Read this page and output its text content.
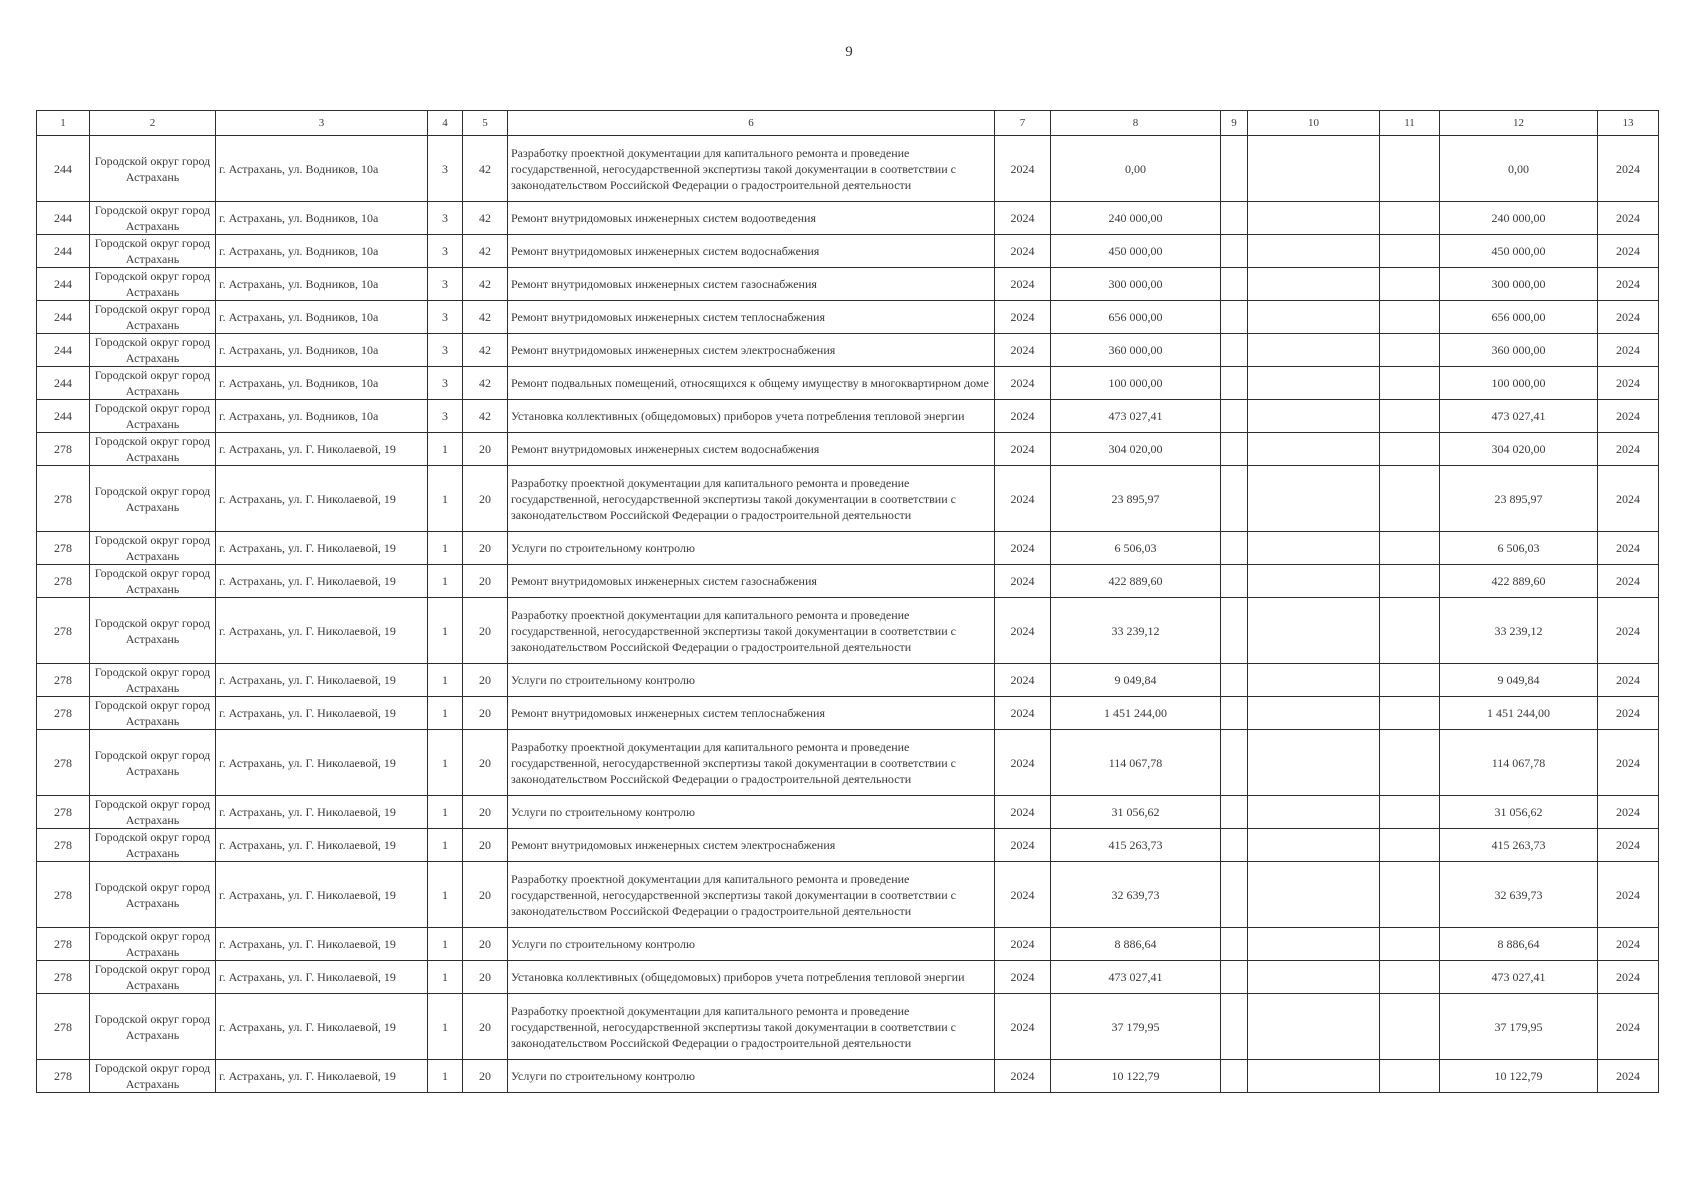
9
1	2	3	4	5	6	7	8	9	10	11	12	13
244	Городской округ город Астрахань	г. Астрахань, ул. Водников, 10а	3	42	Разработку проектной документации для капитального ремонта и проведение государственной, негосударственной экспертизы такой документации в соответствии с законодательством Российской Федерации о градостроительной деятельности	2024	0,00				0,00	2024
244	Городской округ город Астрахань	г. Астрахань, ул. Водников, 10а	3	42	Ремонт внутридомовых инженерных систем водоотведения	2024	240 000,00				240 000,00	2024
244	Городской округ город Астрахань	г. Астрахань, ул. Водников, 10а	3	42	Ремонт внутридомовых инженерных систем водоснабжения	2024	450 000,00				450 000,00	2024
244	Городской округ город Астрахань	г. Астрахань, ул. Водников, 10а	3	42	Ремонт внутридомовых инженерных систем газоснабжения	2024	300 000,00				300 000,00	2024
244	Городской округ город Астрахань	г. Астрахань, ул. Водников, 10а	3	42	Ремонт внутридомовых инженерных систем теплоснабжения	2024	656 000,00				656 000,00	2024
244	Городской округ город Астрахань	г. Астрахань, ул. Водников, 10а	3	42	Ремонт внутридомовых инженерных систем электроснабжения	2024	360 000,00				360 000,00	2024
244	Городской округ город Астрахань	г. Астрахань, ул. Водников, 10а	3	42	Ремонт подвальных помещений, относящихся к общему имуществу в многоквартирном доме	2024	100 000,00				100 000,00	2024
244	Городской округ город Астрахань	г. Астрахань, ул. Водников, 10а	3	42	Установка коллективных (общедомовых) приборов учета потребления тепловой энергии	2024	473 027,41				473 027,41	2024
278	Городской округ город Астрахань	г. Астрахань, ул. Г. Николаевой, 19	1	20	Ремонт внутридомовых инженерных систем водоснабжения	2024	304 020,00				304 020,00	2024
278	Городской округ город Астрахань	г. Астрахань, ул. Г. Николаевой, 19	1	20	Разработку проектной документации для капитального ремонта и проведение государственной, негосударственной экспертизы такой документации в соответствии с законодательством Российской Федерации о градостроительной деятельности	2024	23 895,97				23 895,97	2024
278	Городской округ город Астрахань	г. Астрахань, ул. Г. Николаевой, 19	1	20	Услуги по строительному контролю	2024	6 506,03				6 506,03	2024
278	Городской округ город Астрахань	г. Астрахань, ул. Г. Николаевой, 19	1	20	Ремонт внутридомовых инженерных систем газоснабжения	2024	422 889,60				422 889,60	2024
278	Городской округ город Астрахань	г. Астрахань, ул. Г. Николаевой, 19	1	20	Разработку проектной документации для капитального ремонта и проведение государственной, негосударственной экспертизы такой документации в соответствии с законодательством Российской Федерации о градостроительной деятельности	2024	33 239,12				33 239,12	2024
278	Городской округ город Астрахань	г. Астрахань, ул. Г. Николаевой, 19	1	20	Услуги по строительному контролю	2024	9 049,84				9 049,84	2024
278	Городской округ город Астрахань	г. Астрахань, ул. Г. Николаевой, 19	1	20	Ремонт внутридомовых инженерных систем теплоснабжения	2024	1 451 244,00				1 451 244,00	2024
278	Городской округ город Астрахань	г. Астрахань, ул. Г. Николаевой, 19	1	20	Разработку проектной документации для капитального ремонта и проведение государственной, негосударственной экспертизы такой документации в соответствии с законодательством Российской Федерации о градостроительной деятельности	2024	114 067,78				114 067,78	2024
278	Городской округ город Астрахань	г. Астрахань, ул. Г. Николаевой, 19	1	20	Услуги по строительному контролю	2024	31 056,62				31 056,62	2024
278	Городской округ город Астрахань	г. Астрахань, ул. Г. Николаевой, 19	1	20	Ремонт внутридомовых инженерных систем электроснабжения	2024	415 263,73				415 263,73	2024
278	Городской округ город Астрахань	г. Астрахань, ул. Г. Николаевой, 19	1	20	Разработку проектной документации для капитального ремонта и проведение государственной, негосударственной экспертизы такой документации в соответствии с законодательством Российской Федерации о градостроительной деятельности	2024	32 639,73				32 639,73	2024
278	Городской округ город Астрахань	г. Астрахань, ул. Г. Николаевой, 19	1	20	Услуги по строительному контролю	2024	8 886,64				8 886,64	2024
278	Городской округ город Астрахань	г. Астрахань, ул. Г. Николаевой, 19	1	20	Установка коллективных (общедомовых) приборов учета потребления тепловой энергии	2024	473 027,41				473 027,41	2024
278	Городской округ город Астрахань	г. Астрахань, ул. Г. Николаевой, 19	1	20	Разработку проектной документации для капитального ремонта и проведение государственной, негосударственной экспертизы такой документации в соответствии с законодательством Российской Федерации о градостроительной деятельности	2024	37 179,95				37 179,95	2024
278	Городской округ город Астрахань	г. Астрахань, ул. Г. Николаевой, 19	1	20	Услуги по строительному контролю	2024	10 122,79				10 122,79	2024
